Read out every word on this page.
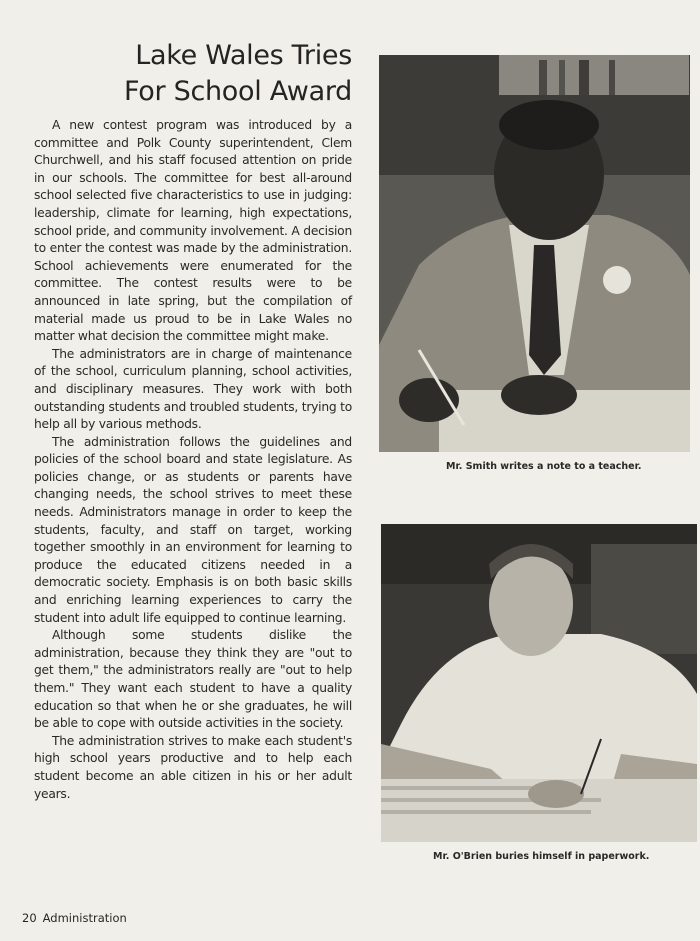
Lake Wales Tries
For School Award

A new contest program was introduced by a committee and Polk County superintendent, Clem Churchwell, and his staff focused attention on pride in our schools. The committee for best all-around school selected five characteristics to use in judging: leadership, climate for learning, high expectations, school pride, and community involvement. A decision to enter the contest was made by the administration. School achievements were enumerated for the committee. The contest results were to be announced in late spring, but the compilation of material made us proud to be in Lake Wales no matter what decision the committee might make.

The administrators are in charge of maintenance of the school, curriculum planning, school activities, and disciplinary measures. They work with both outstanding students and troubled students, trying to help all by various methods.

The administration follows the guidelines and policies of the school board and state legislature. As policies change, or as students or parents have changing needs, the school strives to meet these needs. Administrators manage in order to keep the students, faculty, and staff on target, working together smoothly in an environment for learning to produce the educated citizens needed in a democratic society. Emphasis is on both basic skills and enriching learning experiences to carry the student into adult life equipped to continue learning.

Although some students dislike the administration, because they think they are "out to get them," the administrators really are "out to help them." They want each student to have a quality education so that when he or she graduates, he will be able to cope with outside activities in the society.

The administration strives to make each student's high school years productive and to help each student become an able citizen in his or her adult years.

Mr. Smith writes a note to a teacher.
Mr. O'Brien buries himself in paperwork.
20 Administration
